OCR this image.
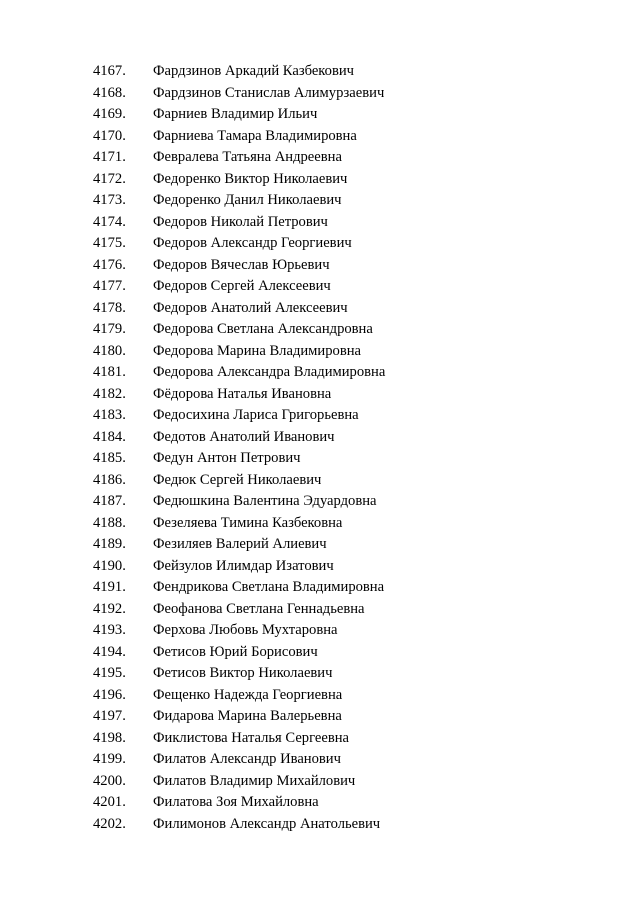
4167.	Фардзинов Аркадий Казбекович
4168.	Фардзинов Станислав Алимурзаевич
4169.	Фарниев Владимир Ильич
4170.	Фарниева Тамара Владимировна
4171.	Февралева Татьяна Андреевна
4172.	Федоренко Виктор Николаевич
4173.	Федоренко Данил Николаевич
4174.	Федоров Николай Петрович
4175.	Федоров Александр Георгиевич
4176.	Федоров Вячеслав Юрьевич
4177.	Федоров Сергей Алексеевич
4178.	Федоров Анатолий Алексеевич
4179.	Федорова Светлана Александровна
4180.	Федорова Марина Владимировна
4181.	Федорова Александра Владимировна
4182.	Фёдорова Наталья Ивановна
4183.	Федосихина Лариса Григорьевна
4184.	Федотов Анатолий Иванович
4185.	Федун Антон Петрович
4186.	Федюк Сергей Николаевич
4187.	Федюшкина Валентина Эдуардовна
4188.	Фезеляева Тимина Казбековна
4189.	Фезиляев Валерий Алиевич
4190.	Фейзулов Илимдар Изатович
4191.	Фендрикова Светлана Владимировна
4192.	Феофанова Светлана Геннадьевна
4193.	Ферхова Любовь Мухтаровна
4194.	Фетисов Юрий Борисович
4195.	Фетисов Виктор Николаевич
4196.	Фещенко Надежда Георгиевна
4197.	Фидарова Марина Валерьевна
4198.	Фиклистова Наталья Сергеевна
4199.	Филатов Александр Иванович
4200.	Филатов Владимир Михайлович
4201.	Филатова Зоя Михайловна
4202.	Филимонов Александр Анатольевич
